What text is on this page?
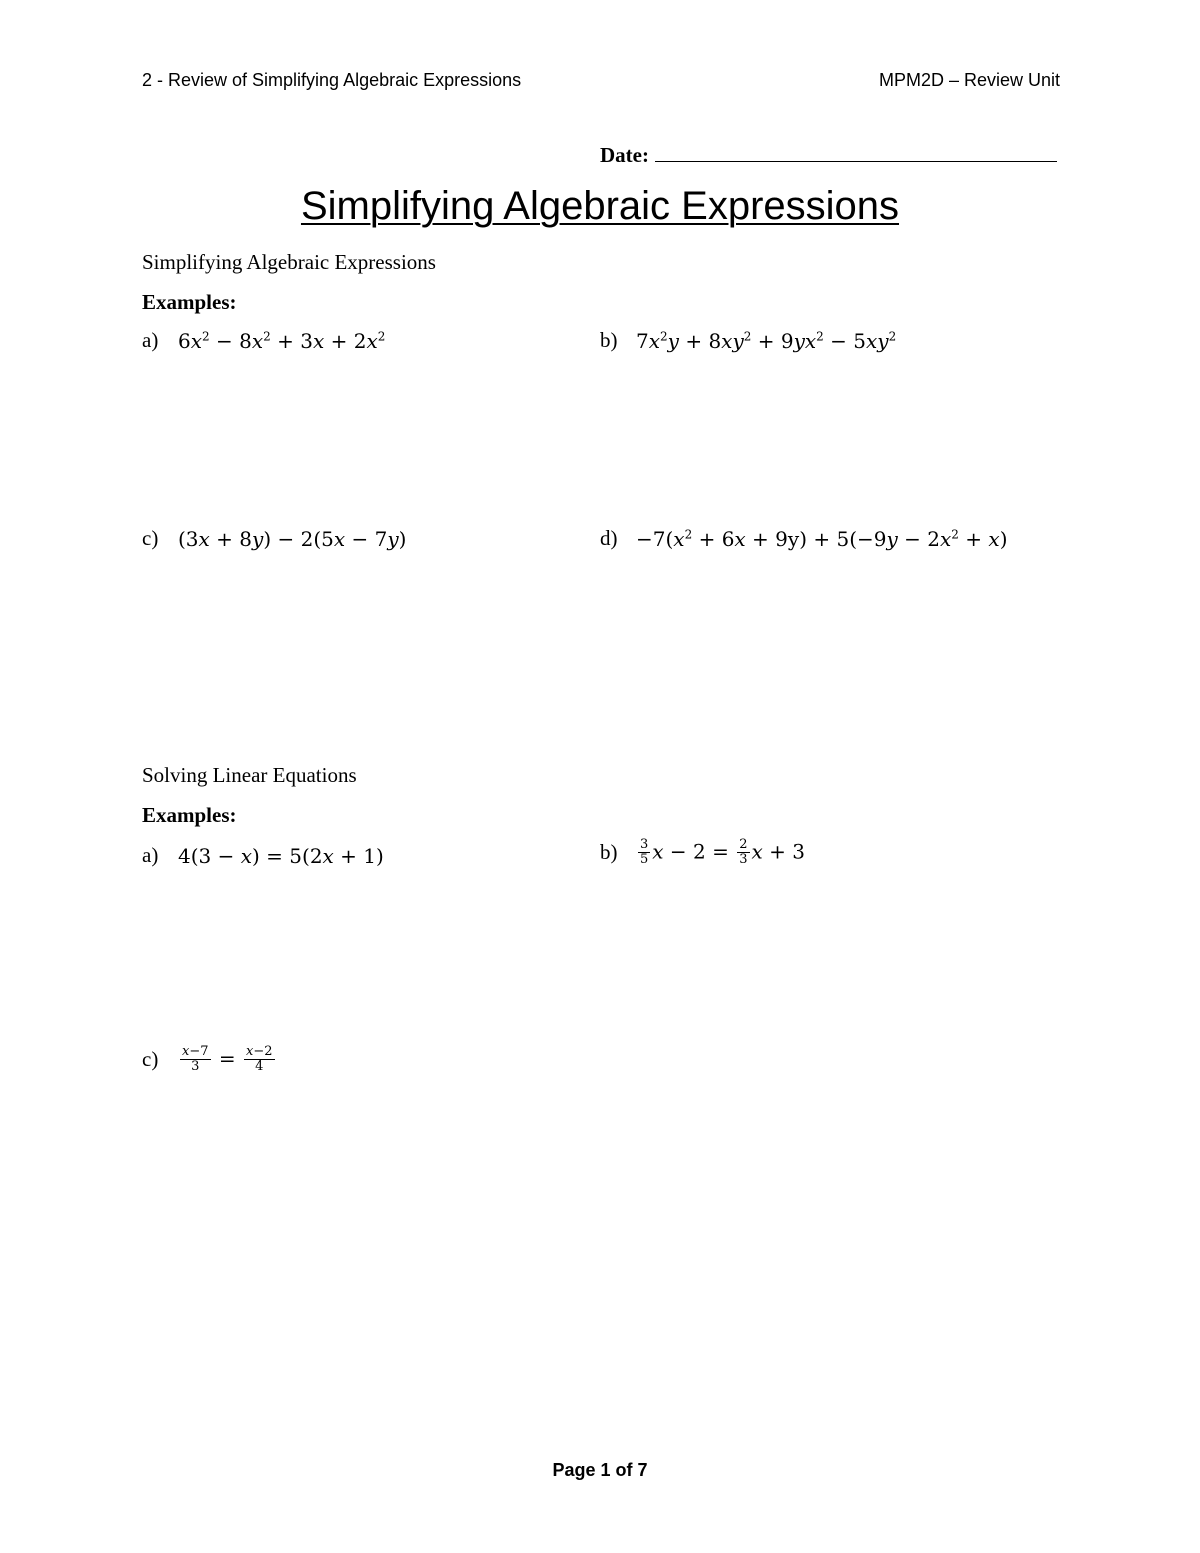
2 - Review of Simplifying Algebraic Expressions	MPM2D – Review Unit
Date:
Simplifying Algebraic Expressions
Simplifying Algebraic Expressions
Examples:
a) $6x^2 - 8x^2 + 3x + 2x^2$	b) $7x^2y + 8xy^2 + 9yx^2 - 5xy^2$
c) (3x + 8y) − 2(5x − 7y)	$d) -7(x^2 + 6x + 9y) + 5(-9y - 2x^2 + x)$
Solving Linear Equations
Examples:
a) 4(3 − x) = 5(2x + 1)	b)	$\frac{3}{5}$ $x - 2 = \frac{2}{3}$ x + 3
c)	$\frac{x-7}{3} = \frac{x-2}{4}$
Page 1 of 7
